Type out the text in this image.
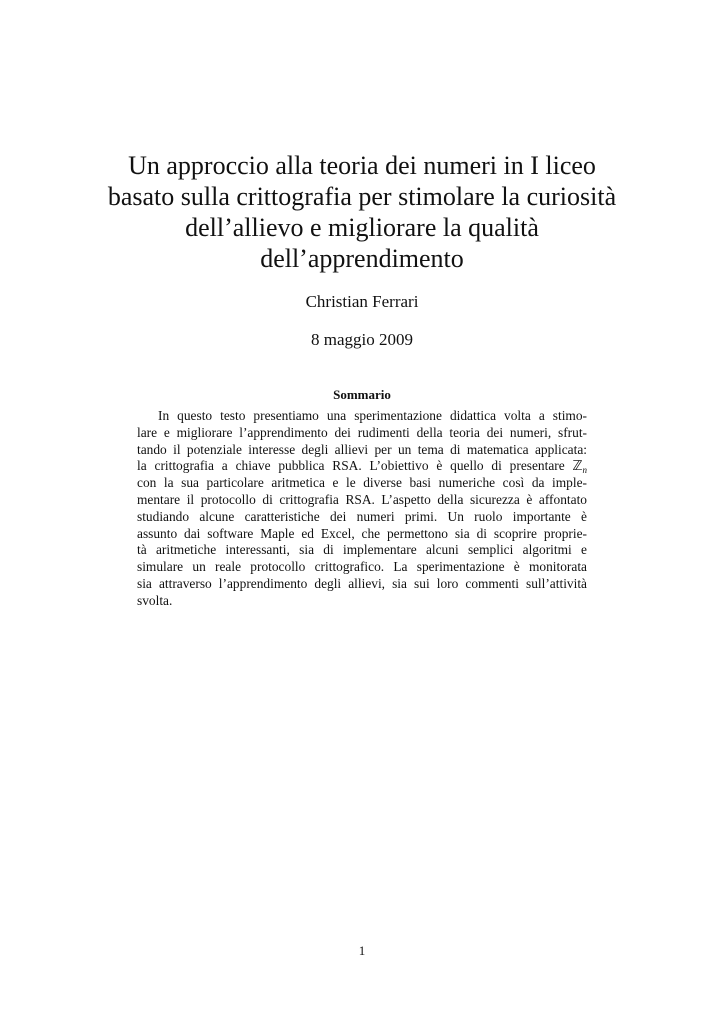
Un approccio alla teoria dei numeri in I liceo
basato sulla crittografia per stimolare la curiosità
dell’allievo e migliorare la qualità
dell’apprendimento
Christian Ferrari
8 maggio 2009
Sommario
In questo testo presentiamo una sperimentazione didattica volta a stimo-
lare e migliorare l’apprendimento dei rudimenti della teoria dei numeri, sfrut-
tando il potenziale interesse degli allievi per un tema di matematica applicata:
la crittografia a chiave pubblica RSA. L’obiettivo è quello di presentare ℤ$_n$
con la sua particolare aritmetica e le diverse basi numeriche così da imple-
mentare il protocollo di crittografia RSA. L’aspetto della sicurezza è affontato
studiando alcune caratteristiche dei numeri primi. Un ruolo importante è
assunto dai software Maple ed Excel, che permettono sia di scoprire proprie-
tà aritmetiche interessanti, sia di implementare alcuni semplici algoritmi e
simulare un reale protocollo crittografico. La sperimentazione è monitorata
sia attraverso l’apprendimento degli allievi, sia sui loro commenti sull’attività
svolta.
1
